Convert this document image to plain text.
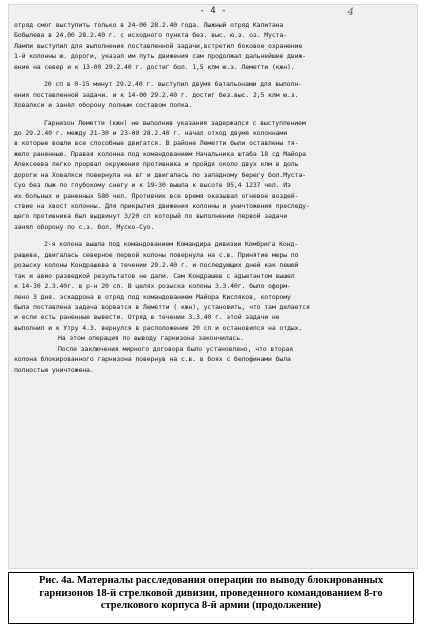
- 4 -	4
отряд смог выступить только в 24-00 28.2.40 года. Лыжный отряд Капитана
Бобылева в 24.00 28.2.40 г. с исходного пункта без. выс. ю.з. оз. Муста-
Лампи выступил для выполнения поставленной задачи,встретил боковое охранение
1-й колонны ю. дороги, указал им путь движения сам продолжал дальнейшее движ-
ение на север и к 13-00 29.2.40 г. достиг бол. 1,5 клм ю.з. Леметти (кжн).
20 сп в 0-15 минут 29.2.40 г. выступил двумя батальонами для выполн-
ения поставленной задачи. и к 14-00 29.2.40 г. достиг без.выс. 2,5 клм ю.з.
Ховалкси и занял оборону полным составом полка.
Гарнизон Леметти (кжн) не выполнив указания задержался с выступлением
до 29.2.40 г. между 21-30 и 23-00 28.2.40 г. начал отход двумя колоннами
в которые вошли все способные двигатся. В районе Леметти были оставлены тя-
жело раненные. Правая колонна под командованием Начальника штаба 18 сд Майора
Алексеева легко прорвал окружения противника и пройдя около двух клм в доль
дороги на Ховалкси повернула на вг и двигалась по западному берегу бол.Муста-
Суо без лыж по глубокому снегу и к 19-30 вышла к высоте 95,4 1237 чел. Из
их больных и раненных 580 чел. Противник все время оказывал огневое воздей-
ствие на хвост колонны. Для прикрытия движения колонны и уничтожения преследу-
щего противника был выдвинут 3/20 сп который по выполнении первой задачи
занял оборону по с.з. бол. Муско-Суо.
2-я колона вышла под командованием Командира дивизии Комбрига Конд-
ращева, двигалась северное первой колоны повернула на с.в. Принятие меры по
розыску колоны Кондрашева в течении 29.2.40 г. и последующих дней как пешей
так и авио разведкой результатов не дали. Сам Кондрашев с адъютантом вышел
к 14-30 2.3.40г. в р-н 20 сп. В целях розыска колоны 3.3.40г. было оформ-
лено 3 дня. эскадрона в отряд под командованием Майора Кисляков, которому
была поставлена задача ворватся в Леметти ( кжн), установить, что там делается
и если есть раненные вывести. Отряд в течении 3.3.40 г. этой задачи не
выполнил и к Утру 4.3. вернулся в расположение 20 сп и остановился на отдых.
На этом операция по выводу гарнизона закончилась.
После заключения мирного договора было установлено, что вторая
колона блокированного гарнизона повернув на с.в. в боях с белофинами была
полностью уничтожена.
Рис. 4а. Материалы расследования операции по выводу блокированных
гарнизонов 18-й стрелковой дивизии, проведенного командованием 8-го
стрелкового корпуса 8-й армии (продолжение)
